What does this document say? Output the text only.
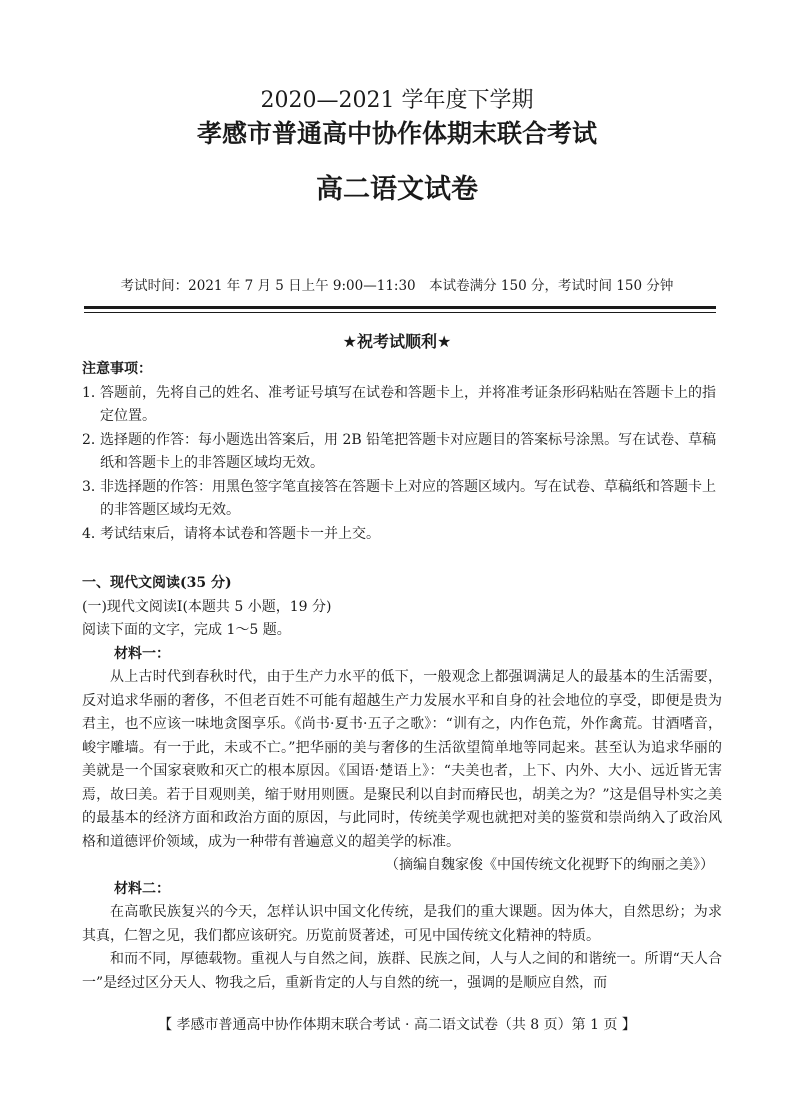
2020—2021 学年度下学期
孝感市普通高中协作体期末联合考试
高二语文试卷
考试时间：2021 年 7 月 5 日上午 9:00—11:30　本试卷满分 150 分，考试时间 150 分钟
★祝考试顺利★
注意事项：
1．
答题前，先将自己的姓名、准考证号填写在试卷和答题卡上，并将准考证条形码粘贴在答题卡上的指定位置。
2．
选择题的作答：每小题选出答案后，用 2B 铅笔把答题卡对应题目的答案标号涂黑。写在试卷、草稿纸和答题卡上的非答题区域均无效。
3．
非选择题的作答：用黑色签字笔直接答在答题卡上对应的答题区域内。写在试卷、草稿纸和答题卡上的非答题区域均无效。
4．
考试结束后，请将本试卷和答题卡一并上交。
一、现代文阅读(35 分)
(一)现代文阅读Ⅰ(本题共 5 小题，19 分)
阅读下面的文字，完成 1～5 题。
材料一：
从上古时代到春秋时代，由于生产力水平的低下，一般观念上都强调满足人的最基本的生活需要，反对追求华丽的奢侈，不但老百姓不可能有超越生产力发展水平和自身的社会地位的享受，即便是贵为君主，也不应该一味地贪图享乐。《尚书·夏书·五子之歌》：“训有之，内作色荒，外作禽荒。甘酒嗜音，峻宇雕墙。有一于此，未或不亡。”把华丽的美与奢侈的生活欲望简单地等同起来。甚至认为追求华丽的美就是一个国家衰败和灭亡的根本原因。《国语·楚语上》：“夫美也者，上下、内外、大小、远近皆无害焉，故曰美。若于目观则美，缩于财用则匮。是聚民利以自封而瘠民也，胡美之为？”这是倡导朴实之美的最基本的经济方面和政治方面的原因，与此同时，传统美学观也就把对美的鉴赏和崇尚纳入了政治风格和道德评价领域，成为一种带有普遍意义的超美学的标准。
（摘编自魏家俊《中国传统文化视野下的绚丽之美》）
材料二：
在高歌民族复兴的今天，怎样认识中国文化传统，是我们的重大课题。因为体大，自然思纷；为求其真，仁智之见，我们都应该研究。历览前贤著述，可见中国传统文化精神的特质。
和而不同，厚德载物。重视人与自然之间，族群、民族之间，人与人之间的和谐统一。所谓“天人合一”是经过区分天人、物我之后，重新肯定的人与自然的统一，强调的是顺应自然，而
【 孝感市普通高中协作体期末联合考试 · 高二语文试卷（共 8 页）第 1 页 】
